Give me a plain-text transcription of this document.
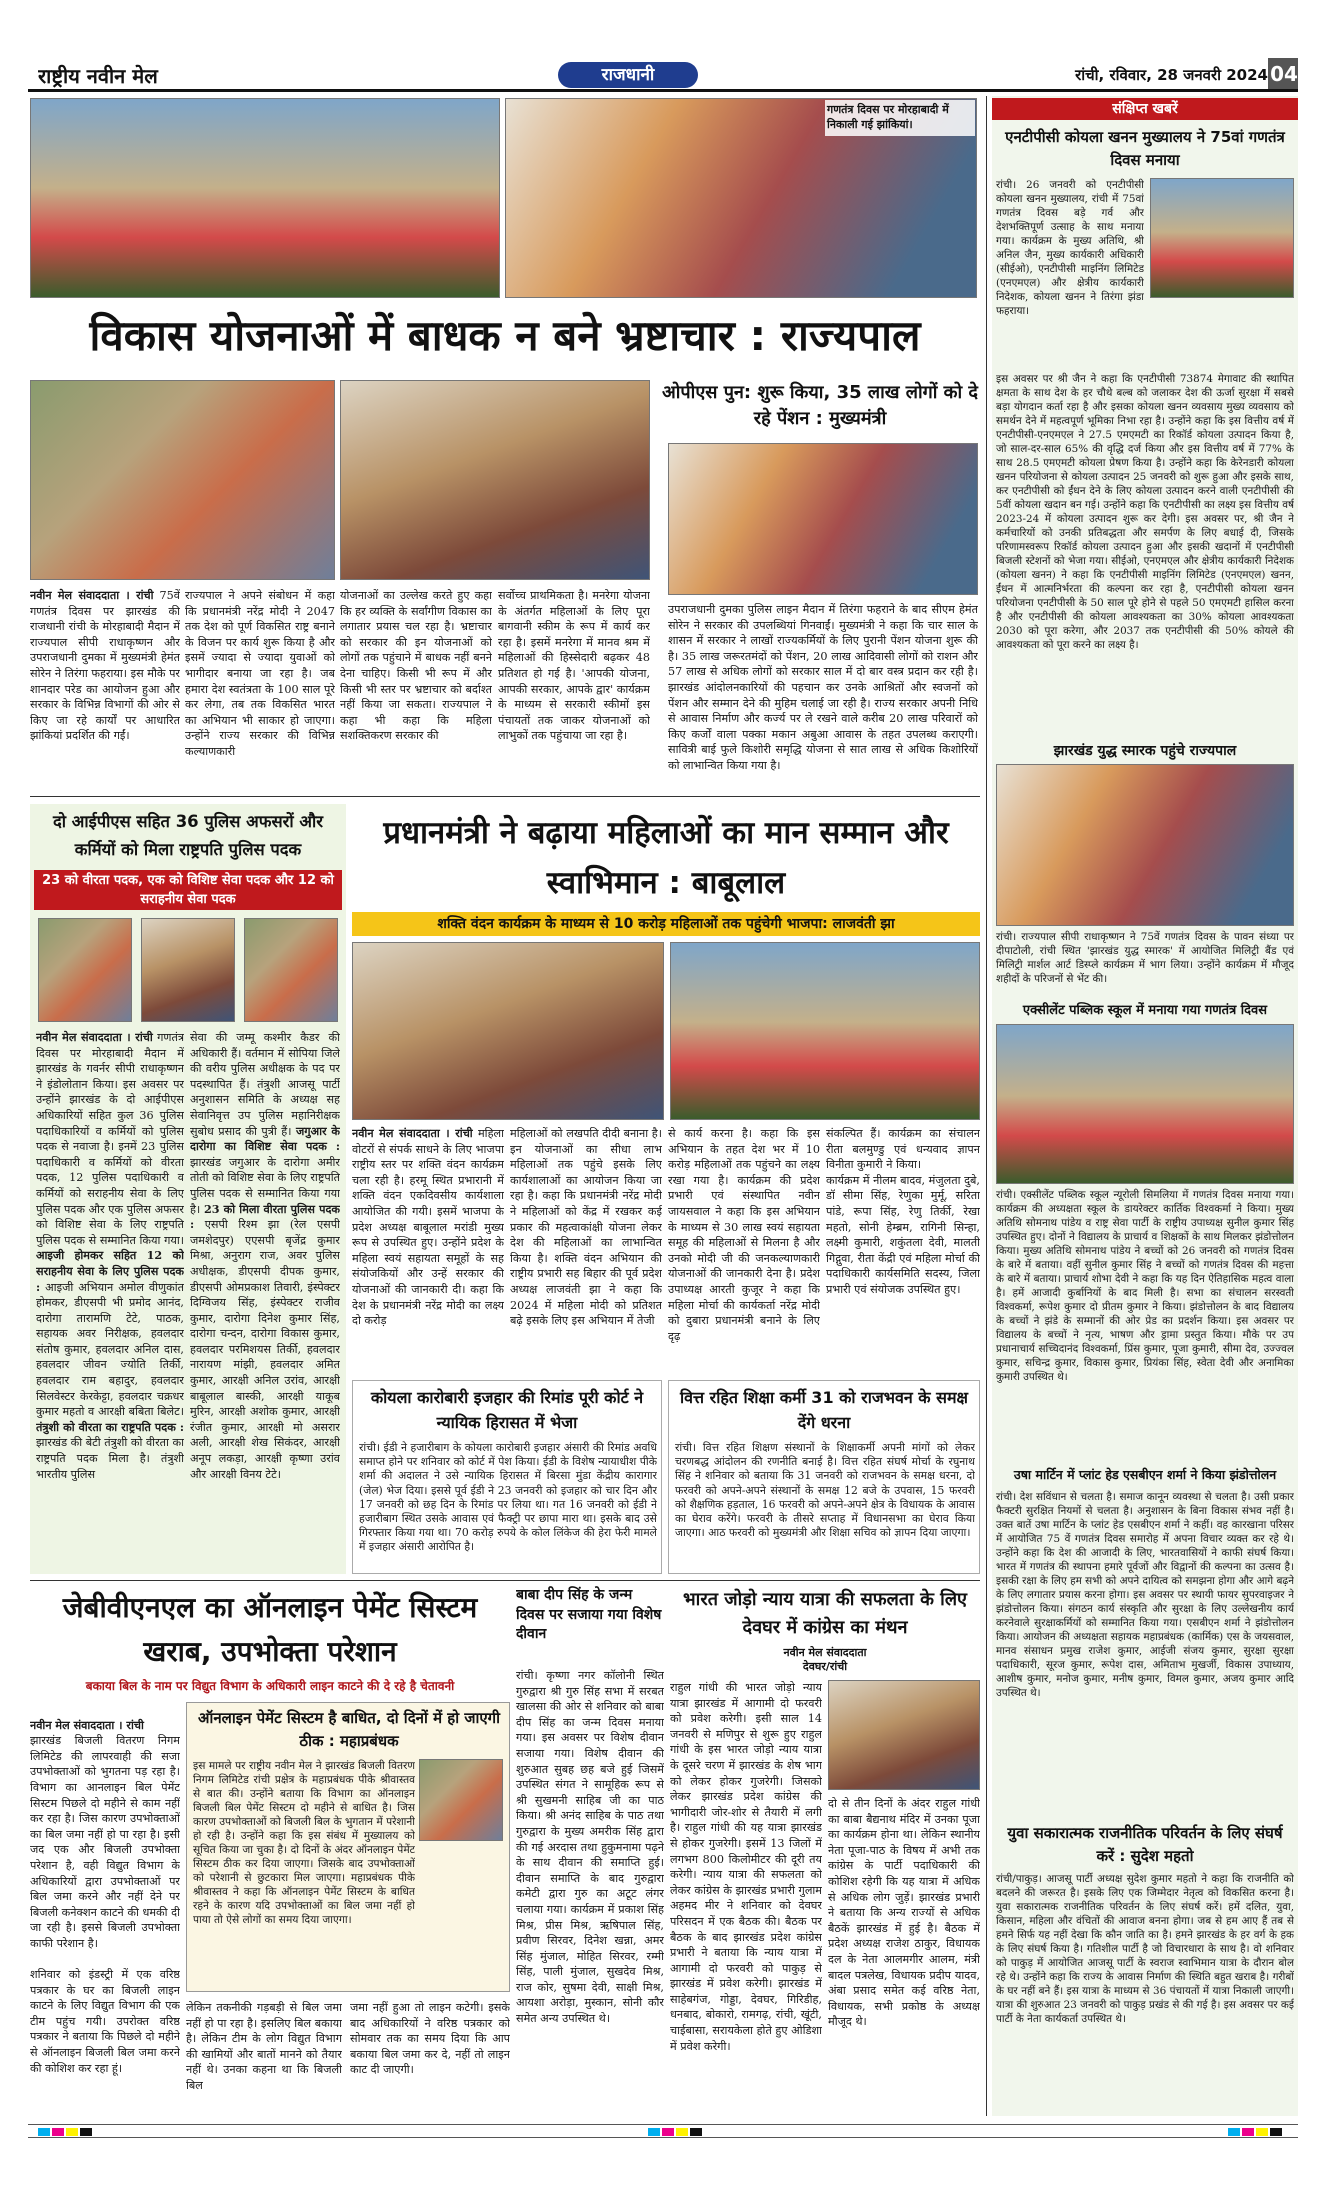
राष्ट्रीय नवीन मेल	राजधानी	रांची, रविवार, 28 जनवरी 2024 04
गणतंत्र दिवस पर मोरहाबादी में निकाली गई झांकियां।
विकास योजनाओं में बाधक न बने भ्रष्टाचार : राज्यपाल
नवीन मेल संवाददाता । रांची 75वें गणतंत्र दिवस पर झारखंड की राजधानी रांची के मोरहाबादी मैदान में राज्यपाल सीपी राधाकृष्णन और उपराजधानी दुमका में मुख्यमंत्री हेमंत सोरेन ने तिरंगा फहराया। इस मौके पर शानदार परेड का आयोजन हुआ और सरकार के विभिन्न विभागों की ओर से किए जा रहे कार्यों पर आधारित झांकियां प्रदर्शित की गईं।
राज्यपाल ने अपने संबोधन में कहा कि प्रधानमंत्री नरेंद्र मोदी ने 2047 तक देश को पूर्ण विकसित राष्ट्र बनाने के विजन पर कार्य शुरू किया है और इसमें ज्यादा से ज्यादा युवाओं को भागीदार बनाया जा रहा है। जब हमारा देश स्वतंत्रता के 100 साल पूरे कर लेगा, तब तक विकसित भारत का अभियान भी साकार हो जाएगा। उन्होंने राज्य सरकार की विभिन्न कल्याणकारी
योजनाओं का उल्लेख करते हुए कहा कि हर व्यक्ति के सर्वांगीण विकास का लगातार प्रयास चल रहा है। भ्रष्टाचार को सरकार की इन योजनाओं को लोगों तक पहुंचाने में बाधक नहीं बनने देना चाहिए। किसी भी रूप में और किसी भी स्तर पर भ्रष्टाचार को बर्दाश्त नहीं किया जा सकता। राज्यपाल ने कहा भी कहा कि महिला सशक्तिकरण सरकार की
सर्वोच्च प्राथमिकता है। मनरेगा योजना के अंतर्गत महिलाओं के लिए पूरा बागवानी स्कीम के रूप में कार्य कर रहा है। इसमें मनरेगा में मानव श्रम में महिलाओं की हिस्सेदारी बढ़कर 48 प्रतिशत हो गई है। 'आपकी योजना, आपकी सरकार, आपके द्वार' कार्यक्रम के माध्यम से सरकारी स्कीमों इस पंचायतों तक जाकर योजनाओं को लाभुकों तक पहुंचाया जा रहा है।
ओपीएस पुन: शुरू किया, 35 लाख लोगों को दे रहे पेंशन : मुख्यमंत्री
उपराजधानी दुमका पुलिस लाइन मैदान में तिरंगा फहराने के बाद सीएम हेमंत सोरेन ने सरकार की उपलब्धियां गिनवाईं। मुख्यमंत्री ने कहा कि चार साल के शासन में सरकार ने लाखों राज्यकर्मियों के लिए पुरानी पेंशन योजना शुरू की है। 35 लाख जरूरतमंदों को पेंशन, 20 लाख आदिवासी लोगों को राशन और 57 लाख से अधिक लोगों को सरकार साल में दो बार वस्त्र प्रदान कर रही है। झारखंड आंदोलनकारियों की पहचान कर उनके आश्रितों और स्वजनों को पेंशन और सम्मान देने की मुहिम चलाई जा रही है। राज्य सरकार अपनी निधि से आवास निर्माण और कर्ज्य पर ले रखने वाले करीब 20 लाख परिवारों को किए कर्जों वाला पक्का मकान अबुआ आवास के तहत उपलब्ध कराएगी। सावित्री बाई फुले किशोरी समृद्धि योजना से सात लाख से अधिक किशोरियों को लाभान्वित किया गया है।
दो आईपीएस सहित 36 पुलिस अफसरों और कर्मियों को मिला राष्ट्रपति पुलिस पदक
23 को वीरता पदक, एक को विशिष्ट सेवा पदक और 12 को सराहनीय सेवा पदक
नवीन मेल संवाददाता । रांची गणतंत्र दिवस पर मोरहाबादी मैदान में झारखंड के गवर्नर सीपी राधाकृष्णन ने इंडोलोतान किया। इस अवसर पर उन्होंने झारखंड के दो आईपीएस अधिकारियों सहित कुल 36 पुलिस पदाधिकारियों व कर्मियों को पुलिस पदक से नवाजा है। इनमें 23 पुलिस पदाधिकारी व कर्मियों को वीरता पदक, 12 पुलिस पदाधिकारी व कर्मियों को सराहनीय सेवा के लिए पुलिस पदक और एक पुलिस अफसर को विशिष्ट सेवा के लिए राष्ट्रपति पुलिस पदक से सम्मानित किया गया। आइजी होमकर सहित 12 को सराहनीय सेवा के लिए पुलिस पदक : आइजी अभियान अमोल वीणुकांत होमकर, डीएसपी भी प्रमोद आनंद, दारोगा तारामणि टेटे, पाठक, सहायक अवर निरीक्षक, हवलदार संतोष कुमार, हवलदार अनिल दास, हवलदार जीवन ज्योति तिर्की, हवलदार राम बहादुर, हवलदार सिलवेस्टर केरकेट्टा, हवलदार चक्रधर कुमार महतो व आरक्षी बबिता बिलेट। तंत्रुशी को वीरता का राष्ट्रपति पदक : झारखंड की बेटी तंत्रुशी को वीरता का राष्ट्रपति पदक मिला है। तंत्रुशी भारतीय पुलिस
सेवा की जम्मू कश्मीर कैडर की अधिकारी हैं। वर्तमान में सोपिया जिले की वरीय पुलिस अधीक्षक के पद पर पदस्थापित हैं। तंत्रुशी आजसू पार्टी अनुशासन समिति के अध्यक्ष सह सेवानिवृत्त उप पुलिस महानिरीक्षक सुबोध प्रसाद की पुत्री हैं। जगुआर के दारोगा का विशिष्ट सेवा पदक : झारखंड जगुआर के दारोगा अमीर तोती को विशिष्ट सेवा के लिए राष्ट्रपति पुलिस पदक से सम्मानित किया गया है। 23 को मिला वीरता पुलिस पदक : एसपी रिश्म झा (रेल एसपी जमशेदपुर) एएसपी बृजेंद्र कुमार मिश्रा, अनुराग राज, अवर पुलिस अधीक्षक, डीएसपी दीपक कुमार, डीएसपी ओमप्रकाश तिवारी, इंस्पेक्टर दिग्विजय सिंह, इंस्पेक्टर राजीव कुमार, दारोगा दिनेश कुमार सिंह, दारोगा चन्दन, दारोगा विकास कुमार, हवलदार परमिशयस तिर्की, हवलदार नारायण मांझी, हवलदार अमित कुमार, आरक्षी अनिल उरांव, आरक्षी बाबूलाल बास्की, आरक्षी याकूब मुरिन, आरक्षी अशोक कुमार, आरक्षी रंजीत कुमार, आरक्षी मो असरार अली, आरक्षी शेख सिकंदर, आरक्षी अनूप लकड़ा, आरक्षी कृष्णा उरांव और आरक्षी विनय टेटे।
प्रधानमंत्री ने बढ़ाया महिलाओं का मान सम्मान और स्वाभिमान : बाबूलाल
शक्ति वंदन कार्यक्रम के माध्यम से 10 करोड़ महिलाओं तक पहुंचेगी भाजपा: लाजवंती झा
नवीन मेल संवाददाता । रांची महिला वोटरों से संपर्क साधने के लिए भाजपा राष्ट्रीय स्तर पर शक्ति वंदन कार्यक्रम चला रही है। हरमू स्थित प्रभारानी में शक्ति वंदन एकदिवसीय कार्यशाला आयोजित की गयी। इसमें भाजपा के प्रदेश अध्यक्ष बाबूलाल मरांडी मुख्य रूप से उपस्थित हुए। उन्होंने प्रदेश के महिला स्वयं सहायता समूहों के सह संयोजकियों और उन्हें सरकार की योजनाओं की जानकारी दी। कहा कि देश के प्रधानमंत्री नरेंद्र मोदी का लक्ष्य दो करोड़
महिलाओं को लखपति दीदी बनाना है। इन योजनाओं का सीधा लाभ महिलाओं तक पहुंचे इसके लिए कार्यशालाओं का आयोजन किया जा रहा है। कहा कि प्रधानमंत्री नरेंद्र मोदी ने महिलाओं को केंद्र में रखकर कई प्रकार की महत्वाकांक्षी योजना लेकर देश की महिलाओं का लाभान्वित किया है। शक्ति वंदन अभियान की राष्ट्रीय प्रभारी सह बिहार की पूर्व प्रदेश अध्यक्ष लाजवंती झा ने कहा कि 2024 में महिला मोदी को प्रतिशत बढ़े इसके लिए इस अभियान में तेजी
से कार्य करना है। कहा कि इस अभियान के तहत देश भर में 10 करोड़ महिलाओं तक पहुंचने का लक्ष्य रखा गया है। कार्यक्रम की प्रदेश प्रभारी एवं संस्थापित नवीन जायसवाल ने कहा कि इस अभियान के माध्यम से 30 लाख स्वयं सहायता समूह की महिलाओं से मिलना है और उनको मोदी जी की जनकल्याणकारी योजनाओं की जानकारी देना है। प्रदेश उपाध्यक्ष आरती कुजूर ने कहा कि महिला मोर्चा की कार्यकर्ता नरेंद्र मोदी को दुबारा प्रधानमंत्री बनाने के लिए दृढ़
संकल्पित हैं। कार्यक्रम का संचालन रीता बलमुण्डु एवं धन्यवाद ज्ञापन विनीता कुमारी ने किया।
कार्यक्रम में नीलम बादव, मंजुलता दुबे, डॉ सीमा सिंह, रेणुका मुर्मू, सरिता पांडे, रूपा सिंह, रेणु तिर्की, रेखा महतो, सोनी हेम्ब्रम, रागिनी सिन्हा, लक्ष्मी कुमारी, शकुंतला देवी, मालती गिद्गुवा, रीता केंद्री एवं महिला मोर्चा की पदाधिकारी कार्यसमिति सदस्य, जिला प्रभारी एवं संयोजक उपस्थित हुए।
कोयला कारोबारी इजहार की रिमांड पूरी कोर्ट ने न्यायिक हिरासत में भेजा
रांची। ईडी ने हजारीबाग के कोयला कारोबारी इजहार अंसारी की रिमांड अवधि समाप्त होने पर शनिवार को कोर्ट में पेश किया। ईडी के विशेष न्यायाधीश पीके शर्मा की अदालत ने उसे न्यायिक हिरासत में बिरसा मुंडा केंद्रीय कारागार (जेल) भेज दिया। इससे पूर्व ईडी ने 23 जनवरी को इजहार को चार दिन और 17 जनवरी को छह दिन के रिमांड पर लिया था। गत 16 जनवरी को ईडी ने हजारीबाग स्थित उसके आवास एवं फैक्ट्री पर छापा मारा था। इसके बाद उसे गिरफ्तार किया गया था। 70 करोड़ रुपये के कोल लिंकेज की हेरा फेरी मामले में इजहार अंसारी आरोपित है।
वित्त रहित शिक्षा कर्मी 31 को राजभवन के समक्ष देंगे धरना
रांची। वित्त रहित शिक्षण संस्थानों के शिक्षाकर्मी अपनी मांगों को लेकर चरणबद्ध आंदोलन की रणनीति बनाई है। वित्त रहित संघर्ष मोर्चा के रघुनाथ सिंह ने शनिवार को बताया कि 31 जनवरी को राजभवन के समक्ष धरना, दो फरवरी को अपने-अपने संस्थानों के समक्ष 12 बजे के उपवास, 15 फरवरी को शैक्षणिक हड़ताल, 16 फरवरी को अपने-अपने क्षेत्र के विधायक के आवास का घेराव करेंगे। फरवरी के तीसरे सप्ताह में विधानसभा का घेराव किया जाएगा। आठ फरवरी को मुख्यमंत्री और शिक्षा सचिव को ज्ञापन दिया जाएगा।
जेबीवीएनएल का ऑनलाइन पेमेंट सिस्टम खराब, उपभोक्ता परेशान
बकाया बिल के नाम पर विद्युत विभाग के अधिकारी लाइन काटने की दे रहे है चेतावनी

नवीन मेल संवाददाता । रांची
झारखंड बिजली वितरण निगम लिमिटेड की लापरवाही की सजा उपभोक्ताओं को भुगतना पड़ रहा है। विभाग का आनलाइन बिल पेमेंट सिस्टम पिछले दो महीने से काम नहीं कर रहा है। जिस कारण उपभोक्ताओं का बिल जमा नहीं हो पा रहा है। इसी जद एक और बिजली उपभोक्ता परेशान है, वही विद्युत विभाग के अधिकारियों द्वारा उपभोक्ताओं पर बिल जमा करने और नहीं देने पर बिजली कनेक्शन काटने की धमकी दी जा रही है। इससे बिजली उपभोक्ता काफी परेशान है।

शनिवार को इंडस्ट्री में एक वरिष्ठ पत्रकार के घर का बिजली लाइन काटने के लिए विद्युत विभाग की एक टीम पहुंच गयी। उपरोक्त वरिष्ठ पत्रकार ने बताया कि पिछले दो महीने से ऑनलाइन बिजली बिल जमा करने की कोशिश कर रहा हूं।

ऑनलाइन पेमेंट सिस्टम है बाधित, दो दिनों में हो जाएगी ठीक : महाप्रबंधक
इस मामले पर राष्ट्रीय नवीन मेल ने झारखंड बिजली वितरण निगम लिमिटेड रांची प्रक्षेत्र के महाप्रबंधक पीके श्रीवास्तव से बात की। उन्होंने बताया कि विभाग का ऑनलाइन बिजली बिल पेमेंट सिस्टम दो महीने से बाधित है। जिस कारण उपभोक्ताओं को बिजली बिल के भुगतान में परेशानी हो रही है। उन्होंने कहा कि इस संबंध में मुख्यालय को सूचित किया जा चुका है। दो दिनों के अंदर ऑनलाइन पेमेंट सिस्टम ठीक कर दिया जाएगा। जिसके बाद उपभोक्ताओं को परेशानी से छुटकारा मिल जाएगा। महाप्रबंधक पीके श्रीवास्तव ने कहा कि ऑनलाइन पेमेंट सिस्टम के बाधित रहने के कारण यदि उपभोक्ताओं का बिल जमा नहीं हो पाया तो ऐसे लोगों का समय दिया जाएगा।
लेकिन तकनीकी गड़बड़ी से बिल जमा नहीं हो पा रहा है। इसलिए बिल बकाया है। लेकिन टीम के लोग विद्युत विभाग की खामियों और बातों मानने को तैयार नहीं थे। उनका कहना था कि बिजली बिल
जमा नहीं हुआ तो लाइन कटेगी। इसके बाद अधिकारियों ने वरिष्ठ पत्रकार को सोमवार तक का समय दिया कि आप बकाया बिल जमा कर दे, नहीं तो लाइन काट दी जाएगी।
बाबा दीप सिंह के जन्म दिवस पर सजाया गया विशेष दीवान
रांची। कृष्णा नगर कॉलोनी स्थित गुरुद्वारा श्री गुरु सिंह सभा में सरबत खालसा की ओर से शनिवार को बाबा दीप सिंह का जन्म दिवस मनाया गया। इस अवसर पर विशेष दीवान सजाया गया। विशेष दीवान की शुरुआत सुबह छह बजे हुई जिसमें उपस्थित संगत ने सामूहिक रूप से श्री सुखमनी साहिब जी का पाठ किया। श्री अनंद साहिब के पाठ तथा गुरुद्वारा के मुख्य अमरीक सिंह द्वारा की गई अरदास तथा हुकुमनामा पढ़ने के साथ दीवान की समाप्ति हुई। दीवान समाप्ति के बाद गुरुद्वारा कमेटी द्वारा गुरु का अटूट लंगर चलाया गया। कार्यक्रम में प्रकाश सिंह मिश्र, प्रीस मिश्र, ऋषिपाल सिंह, प्रवीण सिरवर, दिनेश खन्ना, अमर सिंह मुंजाल, मोहित सिरवर, रम्मी सिंह, पाली मुंजाल, सुखदेव मिश्र, राज कोर, सुषमा देवी, साक्षी मिश्र, आयशा अरोड़ा, मुस्कान, सोनी कौर समेत अन्य उपस्थित थे।
भारत जोड़ो न्याय यात्रा की सफलता के लिए देवघर में कांग्रेस का मंथन
नवीन मेल संवाददाता
देवघर/रांची
राहुल गांधी की भारत जोड़ो न्याय यात्रा झारखंड में आगामी दो फरवरी को प्रवेश करेगी। इसी साल 14 जनवरी से मणिपुर से शुरू हुए राहुल गांधी के इस भारत जोड़ो न्याय यात्रा के दूसरे चरण में झारखंड के शेष भाग को लेकर होकर गुजरेगी। जिसको लेकर झारखंड प्रदेश कांग्रेस की भागीदारी जोर-शोर से तैयारी में लगी है। राहुल गांधी की यह यात्रा झारखंड से होकर गुजरेगी। इसमें 13 जिलों में लगभग 800 किलोमीटर की दूरी तय करेगी। न्याय यात्रा की सफलता को लेकर कांग्रेस के झारखंड प्रभारी गुलाम अहमद मीर ने शनिवार को देवघर परिसदन में एक बैठक की। बैठक पर बैठक के बाद झारखंड प्रदेश कांग्रेस प्रभारी ने बताया कि न्याय यात्रा में आगामी दो फरवरी को पाकुड़ से झारखंड में प्रवेश करेगी। झारखंड में साहेबगंज, गोड्डा, देवघर, गिरिडीह, धनबाद, बोकारो, रामगढ़, रांची, खूंटी, चाईबासा, सरायकेला होते हुए ओडिशा में प्रवेश करेगी।
दो से तीन दिनों के अंदर राहुल गांधी का बाबा बैद्यनाथ मंदिर में उनका पूजा का कार्यक्रम होना था। लेकिन स्थानीय नेता पूजा-पाठ के विषय में अभी तक कांग्रेस के पार्टी पदाधिकारी की कोशिश रहेगी कि यह यात्रा में अधिक से अधिक लोग जुड़ें। झारखंड प्रभारी ने बताया कि अन्य राज्यों से अधिक बैठकें झारखंड में हुई है। बैठक में प्रदेश अध्यक्ष राजेश ठाकुर, विधायक दल के नेता आलमगीर आलम, मंत्री बादल पत्रलेख, विधायक प्रदीप यादव, अंबा प्रसाद समेत कई वरिष्ठ नेता, विधायक, सभी प्रकोष्ठ के अध्यक्ष मौजूद थे।
संक्षिप्त खबरें
एनटीपीसी कोयला खनन मुख्यालय ने 75वां गणतंत्र दिवस मनाया
रांची। 26 जनवरी को एनटीपीसी कोयला खनन मुख्यालय, रांची में 75वां गणतंत्र दिवस बड़े गर्व और देशभक्तिपूर्ण उत्साह के साथ मनाया गया। कार्यक्रम के मुख्य अतिथि, श्री अनिल जैन, मुख्य कार्यकारी अधिकारी (सीईओ), एनटीपीसी माइनिंग लिमिटेड (एनएमएल) और क्षेत्रीय कार्यकारी निदेशक, कोयला खनन ने तिरंगा झंडा फहराया।
इस अवसर पर श्री जैन ने कहा कि एनटीपीसी 73874 मेगावाट की स्थापित क्षमता के साथ देश के हर चौथे बल्ब को जलाकर देश की ऊर्जा सुरक्षा में सबसे बड़ा योगदान कर्ता रहा है और इसका कोयला खनन व्यवसाय मुख्य व्यवसाय को समर्थन देने में महत्वपूर्ण भूमिका निभा रहा है। उन्होंने कहा कि इस वित्तीय वर्ष में एनटीपीसी-एनएमएल ने 27.5 एमएमटी का रिकॉर्ड कोयला उत्पादन किया है, जो साल-दर-साल 65% की वृद्धि दर्ज किया और इस वित्तीय वर्ष में 77% के साथ 28.5 एमएमटी कोयला प्रेषण किया है। उन्होंने कहा कि केरेनडारी कोयला खनन परियोजना से कोयला उत्पादन 25 जनवरी को शुरू हुआ और इसके साथ, कर एनटीपीसी को ईंधन देने के लिए कोयला उत्पादन करने वाली एनटीपीसी की 5वीं कोयला खदान बन गई। उन्होंने कहा कि एनटीपीसी का लक्ष्य इस वित्तीय वर्ष 2023-24 में कोयला उत्पादन शुरू कर देगी। इस अवसर पर, श्री जैन ने कर्मचारियों को उनकी प्रतिबद्धता और समर्पण के लिए बधाई दी, जिसके परिणामस्वरूप रिकॉर्ड कोयला उत्पादन हुआ और इसकी खदानों में एनटीपीसी बिजली स्टेशनों को भेजा गया। सीईओ, एनएमएल और क्षेत्रीय कार्यकारी निदेशक (कोयला खनन) ने कहा कि एनटीपीसी माइनिंग लिमिटेड (एनएमएल) खनन, ईंधन में आत्मनिर्भरता की कल्पना कर रहा है, एनटीपीसी कोयला खनन परियोजना एनटीपीसी के 50 साल पूरे होने से पहले 50 एमएमटी हासिल करना है और एनटीपीसी की कोयला आवश्यकता का 30% कोयला आवश्यकता 2030 को पूरा करेगा, और 2037 तक एनटीपीसी की 50% कोयले की आवश्यकता को पूरा करने का लक्ष्य है।
झारखंड युद्ध स्मारक पहुंचे राज्यपाल
रांची। राज्यपाल सीपी राधाकृष्णन ने 75वें गणतंत्र दिवस के पावन संध्या पर दीपाटोली, रांची स्थित 'झारखंड युद्ध स्मारक' में आयोजित मिलिट्री बैंड एवं मिलिट्री मार्शल आर्ट डिस्प्ले कार्यक्रम में भाग लिया। उन्होंने कार्यक्रम में मौजूद शहीदों के परिजनों से भेंट की।
एक्सीलेंट पब्लिक स्कूल में मनाया गया गणतंत्र दिवस
रांची। एक्सीलेंट पब्लिक स्कूल न्यूरोली सिमलिया में गणतंत्र दिवस मनाया गया। कार्यक्रम की अध्यक्षता स्कूल के डायरेक्टर कार्तिक विश्वकर्मा ने किया। मुख्य अतिथि सोमनाथ पांडेय व राष्ट्र सेवा पार्टी के राष्ट्रीय उपाध्यक्ष सुनील कुमार सिंह उपस्थित हुए। दोनों ने विद्यालय के प्राचार्य व शिक्षकों के साथ मिलकर झंडोत्तोलन किया। मुख्य अतिथि सोमनाथ पांडेय ने बच्चों को 26 जनवरी को गणतंत्र दिवस के बारे में बताया। वहीं सुनील कुमार सिंह ने बच्चों को गणतंत्र दिवस की महत्ता के बारे में बताया। प्राचार्य शोभा देवी ने कहा कि यह दिन ऐतिहासिक महत्व वाला है। हमें आजादी कुर्बानियों के बाद मिली है। सभा का संचालन सरस्वती विश्वकर्मा, रूपेश कुमार दो प्रीतम कुमार ने किया। झंडोत्तोलन के बाद विद्यालय के बच्चों ने झंडे के सम्मानों की ओर प्रेड का प्रदर्शन किया। इस अवसर पर विद्यालय के बच्चों ने नृत्य, भाषण और ड्रामा प्रस्तुत किया। मौके पर उप प्रधानाचार्य सच्चिदानंद विश्वकर्मा, प्रिंस कुमार, पूजा कुमारी, सीमा देव, उज्ज्वल कुमार, सचिन्द्र कुमार, विकास कुमार, प्रियंका सिंह, स्वेता देवी और अनामिका कुमारी उपस्थित थे।
उषा मार्टिन में प्लांट हेड एसबीएन शर्मा ने किया झंडोत्तोलन
रांची। देश सविंधान से चलता है। समाज कानून व्यवस्था से चलता है। उसी प्रकार फैक्टरी सुरक्षित नियमों से चलता है। अनुशासन के बिना विकास संभव नहीं है। उक्त बातें उषा मार्टिन के प्लांट हेड एसबीएन शर्मा ने कहीं। वह कारखाना परिसर में आयोजित 75 वें गणतंत्र दिवस समारोह में अपना विचार व्यक्त कर रहे थे। उन्होंने कहा कि देश की आजादी के लिए, भारतवासियों ने काफी संघर्ष किया। भारत में गणतंत्र की स्थापना हमारे पूर्वजों और विद्वानों की कल्पना का उत्सव है। इसकी रक्षा के लिए हम सभी को अपने दायित्व को समझना होगा और आगे बढ़ने के लिए लगातार प्रयास करना होगा। इस अवसर पर स्थायी फायर सुपरवाइजर ने झंडोत्तोलन किया। संगठन कार्य संस्कृति और सुरक्षा के लिए उल्लेखनीय कार्य करनेवाले सुरक्षाकर्मियों को सम्मानित किया गया। एसबीएन शर्मा ने झंडोत्तोलन किया। आयोजन की अध्यक्षता सहायक महाप्रबंधक (कार्मिक) एस के जयसवाल, मानव संसाधन प्रमुख राजेश कुमार, आईजी संजय कुमार, सुरक्षा सुरक्षा पदाधिकारी, सूरज कुमार, रूपेश दास, अमिताभ मुखर्जी, विकास उपाध्याय, आशीष कुमार, मनोज कुमार, मनीष कुमार, विमल कुमार, अजय कुमार आदि उपस्थित थे।
युवा सकारात्मक राजनीतिक परिवर्तन के लिए संघर्ष करें : सुदेश महतो
रांची/पाकुड़। आजसू पार्टी अध्यक्ष सुदेश कुमार महतो ने कहा कि राजनीति को बदलने की जरूरत है। इसके लिए एक जिम्मेदार नेतृत्व को विकसित करना है। युवा सकारात्मक राजनीतिक परिवर्तन के लिए संघर्ष करें। हमें दलित, युवा, किसान, महिला और वंचितों की आवाज बनना होगा। जब से हम आए हैं तब से हमने सिर्फ यह नहीं देखा कि कौन जाति का है। हमने झारखंड के हर वर्ग के हक के लिए संघर्ष किया है। गतिशील पार्टी है जो विचारधारा के साथ है। वो शनिवार को पाकुड़ में आयोजित आजसू पार्टी के स्वराज स्वाभिमान यात्रा के दौरान बोल रहे थे। उन्होंने कहा कि राज्य के आवास निर्माण की स्थिति बहुत खराब है। गरीबों के घर नहीं बने हैं। इस यात्रा के माध्यम से 36 पंचायतों में यात्रा निकाली जाएगी। यात्रा की शुरुआत 23 जनवरी को पाकुड़ प्रखंड से की गई है। इस अवसर पर कई पार्टी के नेता कार्यकर्ता उपस्थित थे।
